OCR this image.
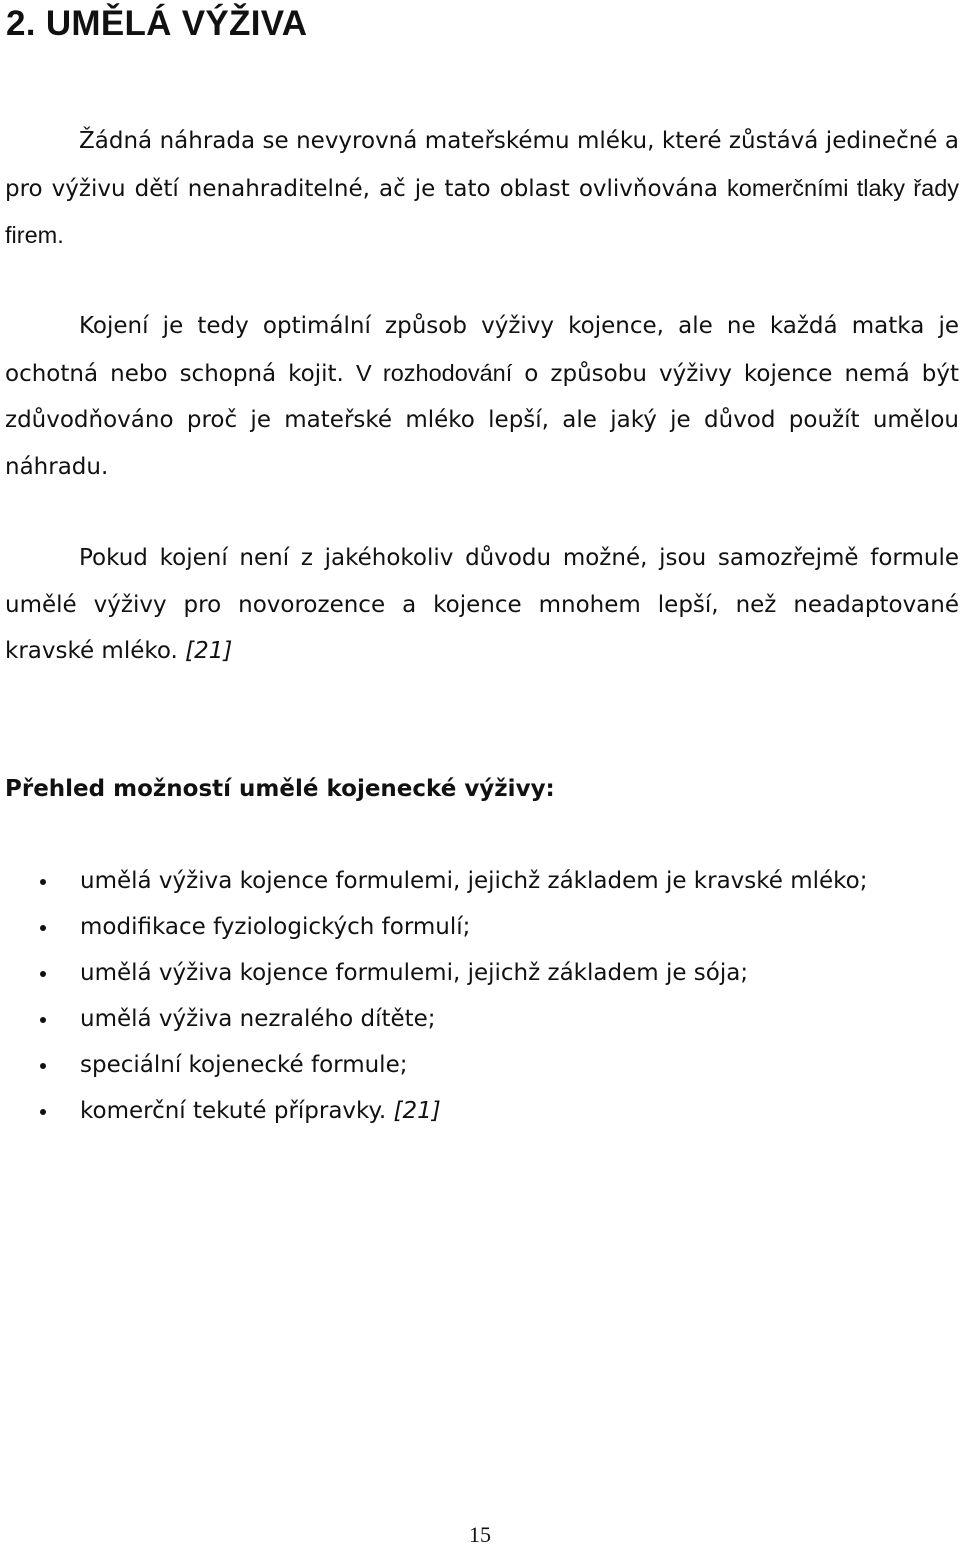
2. UMĚLÁ VÝŽIVA

Žádná náhrada se nevyrovná mateřskému mléku, které zůstává jedinečné a pro výživu dětí nenahraditelné, ač je tato oblast ovlivňována komerčními tlaky řady firem.

Kojení je tedy optimální způsob výživy kojence, ale ne každá matka je ochotná nebo schopná kojit. V rozhodování o způsobu výživy kojence nemá být zdůvodňováno proč je mateřské mléko lepší, ale jaký je důvod použít umělou náhradu.

Pokud kojení není z jakéhokoliv důvodu možné, jsou samozřejmě formule umělé výživy pro novorozence a kojence mnohem lepší, než neadaptované kravské mléko. [21]

Přehled možností umělé kojenecké výživy:
umělá výživa kojence formulemi, jejichž základem je kravské mléko;
modifikace fyziologických formulí;
umělá výživa kojence formulemi, jejichž základem je sója;
umělá výživa nezralého dítěte;
speciální kojenecké formule;
komerční tekuté přípravky. [21]
15
